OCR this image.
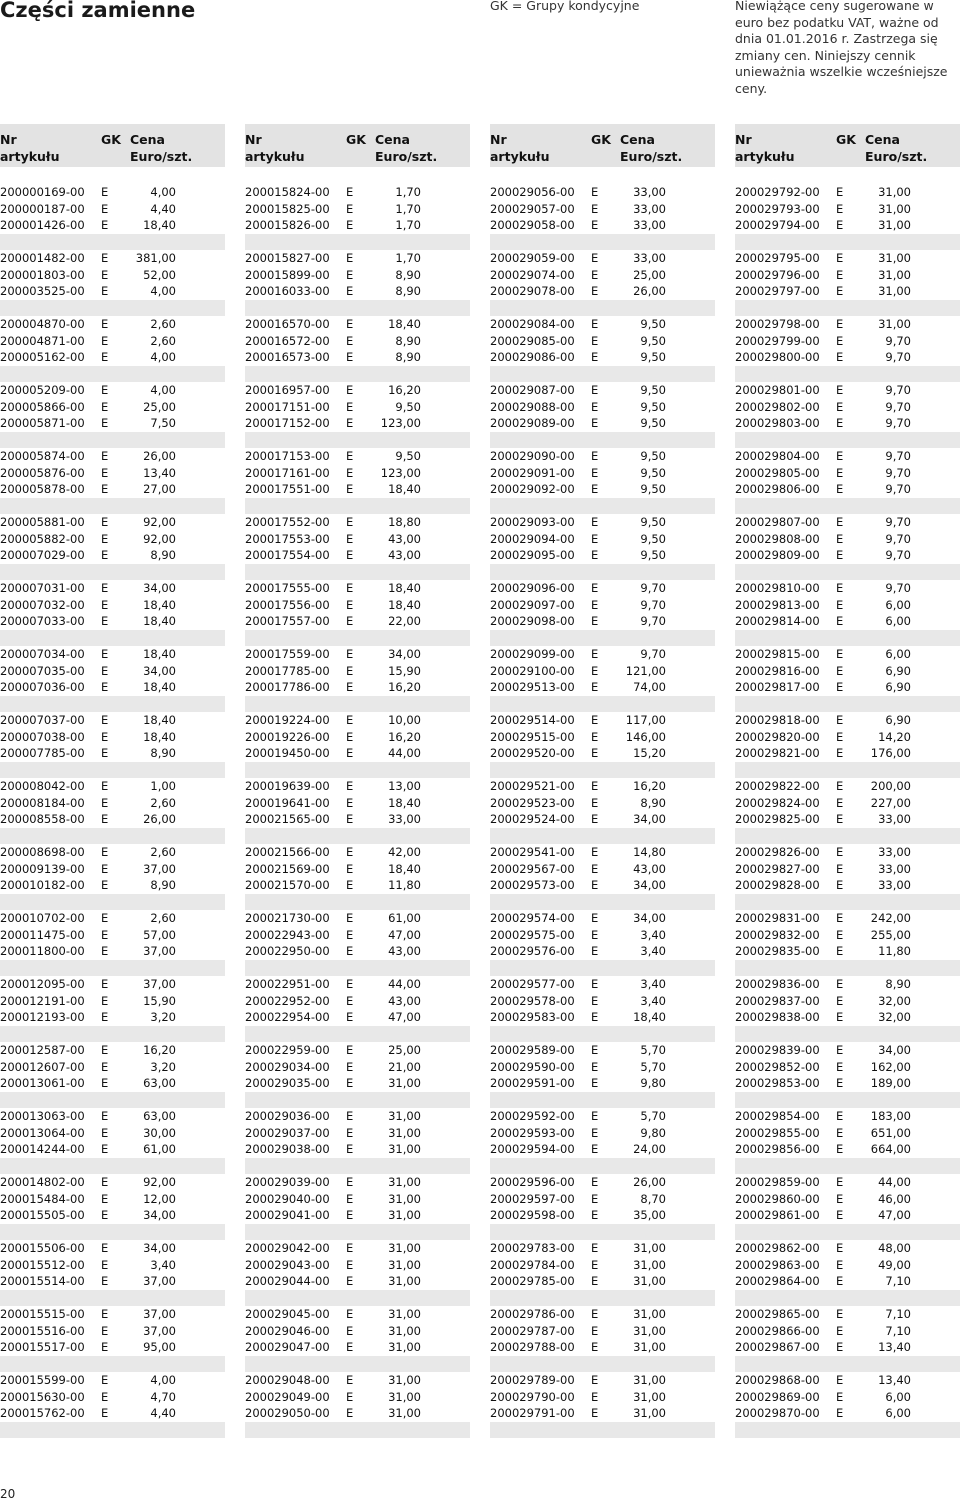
Części zamienne	GK = Grupy kondycyjne	Niewiążące ceny sugerowane w euro bez podatku VAT, ważne od dnia 01.01.2016 r. Zastrzega się zmiany cen. Niniejszy cennik unieważnia wszelkie wcześniejsze ceny.
Nr
artykułu
GK Cena
Euro/szt.
200000169-00 E	4,00
200000187-00 E	4,40
200001426-00 E	18,40
200001482-00 E	381,00
200001803-00 E	52,00
200003525-00 E	4,00
200004870-00 E	2,60
200004871-00 E	2,60
200005162-00 E	4,00
200005209-00 E	4,00
200005866-00 E	25,00
200005871-00 E	7,50
200005874-00 E	26,00
200005876-00 E	13,40
200005878-00 E	27,00
200005881-00 E	92,00
200005882-00 E	92,00
200007029-00 E	8,90
200007031-00 E	34,00
200007032-00 E	18,40
200007033-00 E	18,40
200007034-00 E	18,40
200007035-00 E	34,00
200007036-00 E	18,40
200007037-00 E	18,40
200007038-00 E	18,40
200007785-00 E	8,90
200008042-00 E	1,00
200008184-00 E	2,60
200008558-00 E	26,00
200008698-00 E	2,60
200009139-00 E	37,00
200010182-00 E	8,90
200010702-00 E	2,60
200011475-00 E	57,00
200011800-00 E	37,00
200012095-00 E	37,00
200012191-00 E	15,90
200012193-00 E	3,20
200012587-00 E	16,20
200012607-00 E	3,20
200013061-00 E	63,00
200013063-00 E	63,00
200013064-00 E	30,00
200014244-00 E	61,00
200014802-00 E	92,00
200015484-00 E	12,00
200015505-00 E	34,00
200015506-00 E	34,00
200015512-00 E	3,40
200015514-00 E	37,00
200015515-00 E	37,00
200015516-00 E	37,00
200015517-00 E	95,00
200015599-00 E	4,00
200015630-00 E	4,70
200015762-00 E	4,40
Nr
artykułu
GK Cena
Euro/szt.
200015824-00 E	1,70
200015825-00 E	1,70
200015826-00 E	1,70
200015827-00 E	1,70
200015899-00 E	8,90
200016033-00 E	8,90
200016570-00 E	18,40
200016572-00 E	8,90
200016573-00 E	8,90
200016957-00 E	16,20
200017151-00 E	9,50
200017152-00 E	123,00
200017153-00 E	9,50
200017161-00 E	123,00
200017551-00 E	18,40
200017552-00 E	18,80
200017553-00 E	43,00
200017554-00 E	43,00
200017555-00 E	18,40
200017556-00 E	18,40
200017557-00 E	22,00
200017559-00 E	34,00
200017785-00 E	15,90
200017786-00 E	16,20
200019224-00 E	10,00
200019226-00 E	16,20
200019450-00 E	44,00
200019639-00 E	13,00
200019641-00 E	18,40
200021565-00 E	33,00
200021566-00 E	42,00
200021569-00 E	18,40
200021570-00 E	11,80
200021730-00 E	61,00
200022943-00 E	47,00
200022950-00 E	43,00
200022951-00 E	44,00
200022952-00 E	43,00
200022954-00 E	47,00
200022959-00 E	25,00
200029034-00 E	21,00
200029035-00 E	31,00
200029036-00 E	31,00
200029037-00 E	31,00
200029038-00 E	31,00
200029039-00 E	31,00
200029040-00 E	31,00
200029041-00 E	31,00
200029042-00 E	31,00
200029043-00 E	31,00
200029044-00 E	31,00
200029045-00 E	31,00
200029046-00 E	31,00
200029047-00 E	31,00
200029048-00 E	31,00
200029049-00 E	31,00
200029050-00 E	31,00
Nr
artykułu
GK Cena
Euro/szt.
200029056-00 E	33,00
200029057-00 E	33,00
200029058-00 E	33,00
200029059-00 E	33,00
200029074-00 E	25,00
200029078-00 E	26,00
200029084-00 E	9,50
200029085-00 E	9,50
200029086-00 E	9,50
200029087-00 E	9,50
200029088-00 E	9,50
200029089-00 E	9,50
200029090-00 E	9,50
200029091-00 E	9,50
200029092-00 E	9,50
200029093-00 E	9,50
200029094-00 E	9,50
200029095-00 E	9,50
200029096-00 E	9,70
200029097-00 E	9,70
200029098-00 E	9,70
200029099-00 E	9,70
200029100-00 E	121,00
200029513-00 E	74,00
200029514-00 E	117,00
200029515-00 E	146,00
200029520-00 E	15,20
200029521-00 E	16,20
200029523-00 E	8,90
200029524-00 E	34,00
200029541-00 E	14,80
200029567-00 E	43,00
200029573-00 E	34,00
200029574-00 E	34,00
200029575-00 E	3,40
200029576-00 E	3,40
200029577-00 E	3,40
200029578-00 E	3,40
200029583-00 E	18,40
200029589-00 E	5,70
200029590-00 E	5,70
200029591-00 E	9,80
200029592-00 E	5,70
200029593-00 E	9,80
200029594-00 E	24,00
200029596-00 E	26,00
200029597-00 E	8,70
200029598-00 E	35,00
200029783-00 E	31,00
200029784-00 E	31,00
200029785-00 E	31,00
200029786-00 E	31,00
200029787-00 E	31,00
200029788-00 E	31,00
200029789-00 E	31,00
200029790-00 E	31,00
200029791-00 E	31,00
Nr
artykułu
GK Cena
Euro/szt.
200029792-00 E	31,00
200029793-00 E	31,00
200029794-00 E	31,00
200029795-00 E	31,00
200029796-00 E	31,00
200029797-00 E	31,00
200029798-00 E	31,00
200029799-00 E	9,70
200029800-00 E	9,70
200029801-00 E	9,70
200029802-00 E	9,70
200029803-00 E	9,70
200029804-00 E	9,70
200029805-00 E	9,70
200029806-00 E	9,70
200029807-00 E	9,70
200029808-00 E	9,70
200029809-00 E	9,70
200029810-00 E	9,70
200029813-00 E	6,00
200029814-00 E	6,00
200029815-00 E	6,00
200029816-00 E	6,90
200029817-00 E	6,90
200029818-00 E	6,90
200029820-00 E	14,20
200029821-00 E	176,00
200029822-00 E	200,00
200029824-00 E	227,00
200029825-00 E	33,00
200029826-00 E	33,00
200029827-00 E	33,00
200029828-00 E	33,00
200029831-00 E	242,00
200029832-00 E	255,00
200029835-00 E	11,80
200029836-00 E	8,90
200029837-00 E	32,00
200029838-00 E	32,00
200029839-00 E	34,00
200029852-00 E	162,00
200029853-00 E	189,00
200029854-00 E	183,00
200029855-00 E	651,00
200029856-00 E	664,00
200029859-00 E	44,00
200029860-00 E	46,00
200029861-00 E	47,00
200029862-00 E	48,00
200029863-00 E	49,00
200029864-00 E	7,10
200029865-00 E	7,10
200029866-00 E	7,10
200029867-00 E	13,40
200029868-00 E	13,40
200029869-00 E	6,00
200029870-00 E	6,00
20
